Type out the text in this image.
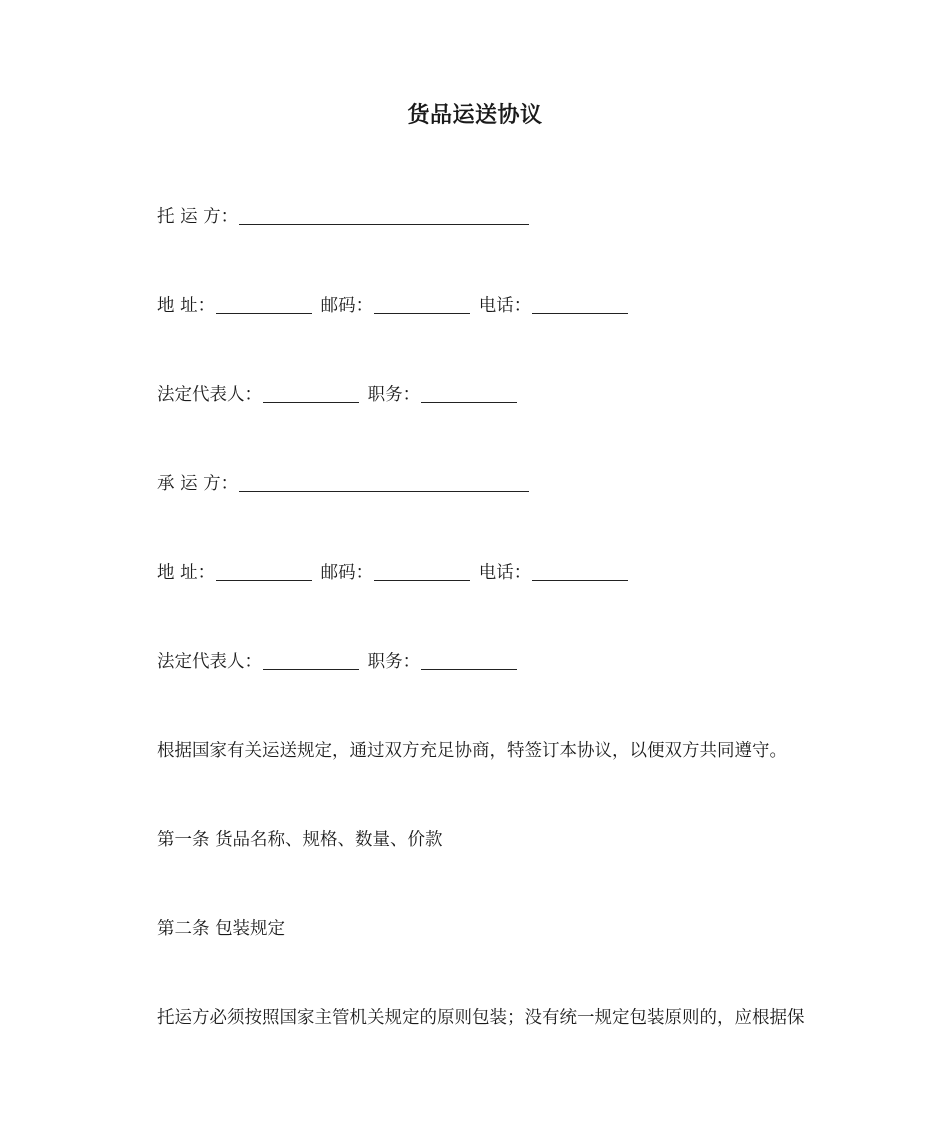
货品运送协议
托 运 方：
地 址：	邮码：	电话：
法定代表人：	职务：
承 运 方：
地 址：	邮码：	电话：
法定代表人：	职务：
根据国家有关运送规定，通过双方充足协商，特签订本协议，以便双方共同遵守。
第一条 货品名称、规格、数量、价款
第二条 包装规定
托运方必须按照国家主管机关规定的原则包装；没有统一规定包装原则的，应根据保
